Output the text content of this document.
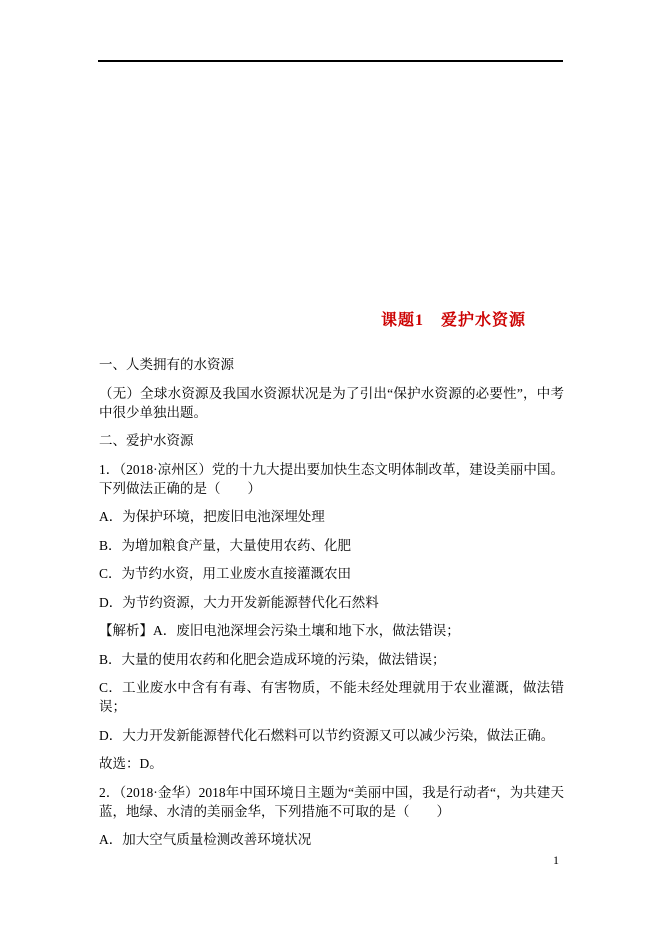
课题1　爱护水资源

一、人类拥有的水资源

（无）全球水资源及我国水资源状况是为了引出“保护水资源的必要性”，中考中很少单独出题。

二、爱护水资源

1．（2018·凉州区）党的十九大提出要加快生态文明体制改革，建设美丽中国。下列做法正确的是（　　）

A．为保护环境，把废旧电池深埋处理

B．为增加粮食产量，大量使用农药、化肥

C．为节约水资，用工业废水直接灌溉农田

D．为节约资源，大力开发新能源替代化石然料

【解析】A．废旧电池深埋会污染土壤和地下水，做法错误；

B．大量的使用农药和化肥会造成环境的污染，做法错误；

C．工业废水中含有有毒、有害物质，不能未经处理就用于农业灌溉，做法错误；

D．大力开发新能源替代化石燃料可以节约资源又可以减少污染，做法正确。

故选：D。

2．（2018·金华）2018年中国环境日主题为“美丽中国，我是行动者“，为共建天蓝，地绿、水清的美丽金华，下列措施不可取的是（　　）

A．加大空气质量检测改善环境状况

1
